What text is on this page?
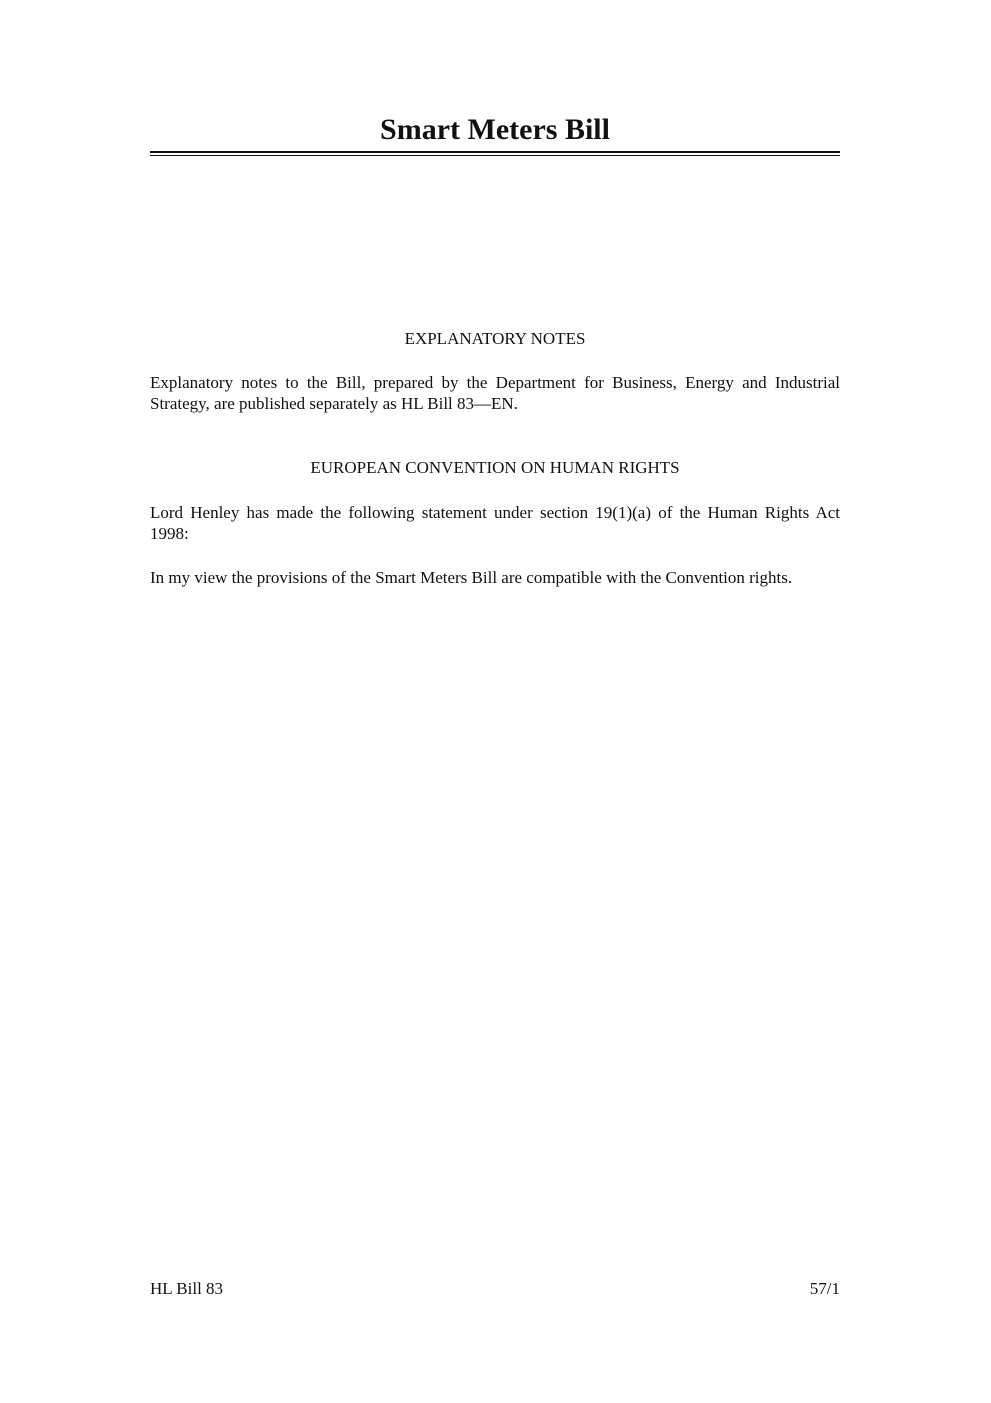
Smart Meters Bill
EXPLANATORY NOTES

Explanatory notes to the Bill, prepared by the Department for Business, Energy and Industrial Strategy, are published separately as HL Bill 83—EN.

EUROPEAN CONVENTION ON HUMAN RIGHTS

Lord Henley has made the following statement under section 19(1)(a) of the Human Rights Act 1998:

In my view the provisions of the Smart Meters Bill are compatible with the Convention rights.

HL Bill 83	57/1
